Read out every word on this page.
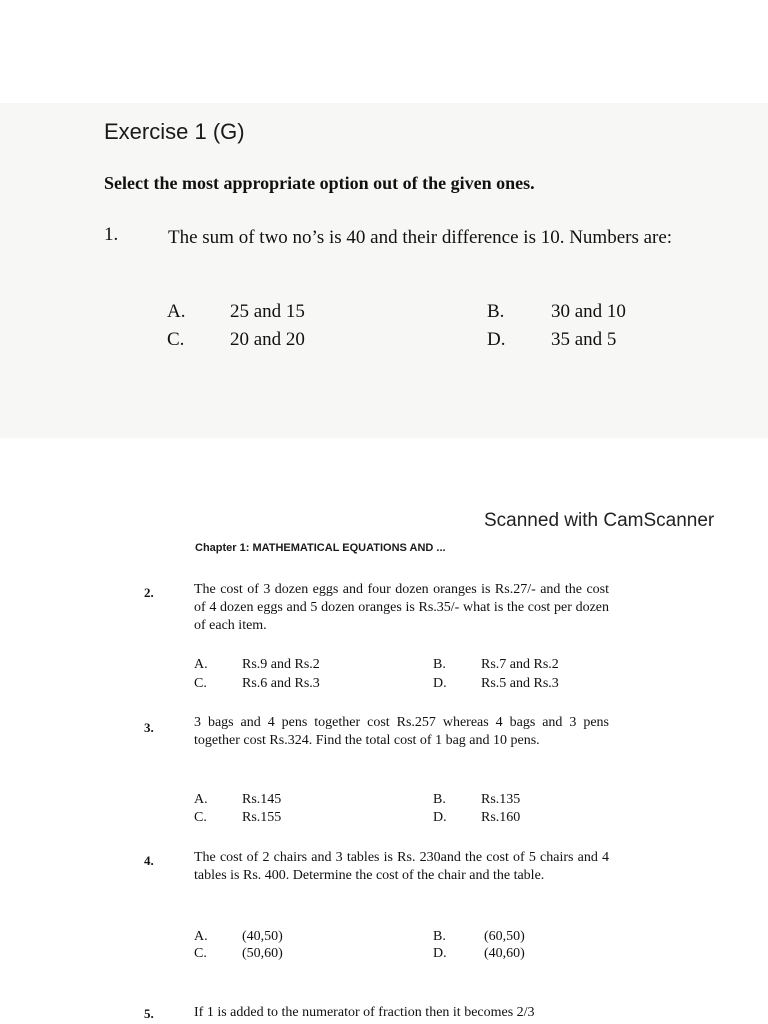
Exercise 1 (G)
Select the most appropriate option out of the given ones.
1.	The sum of two no’s is 40 and their difference is 10. Numbers are:
A. 25 and 15	B. 30 and 10
C. 20 and 20	D. 35 and 5
Scanned with CamScanner
Chapter 1: MATHEMATICAL EQUATIONS AND ...
2.	The cost of 3 dozen eggs and four dozen oranges is Rs.27/- and the cost of 4 dozen eggs and 5 dozen oranges is Rs.35/- what is the cost per dozen of each item.
A. Rs.9 and Rs.2	B.	Rs.7 and Rs.2
C.	Rs.6 and Rs.3	D. Rs.5 and Rs.3
3.	3 bags and 4 pens together cost Rs.257 whereas 4 bags and 3 pens together cost Rs.324. Find the total cost of 1 bag and 10 pens.
A. Rs.145	B.	Rs.135
C.	Rs.155	D. Rs.160
4.	The cost of 2 chairs and 3 tables is Rs. 230and the cost of 5 chairs and 4 tables is Rs. 400. Determine the cost of the chair and the table.
A. (40,50)	B.	(60,50)
C.	(50,60)	D.	(40,60)
5.	If 1 is added to the numerator of fraction then it becomes 2/3
